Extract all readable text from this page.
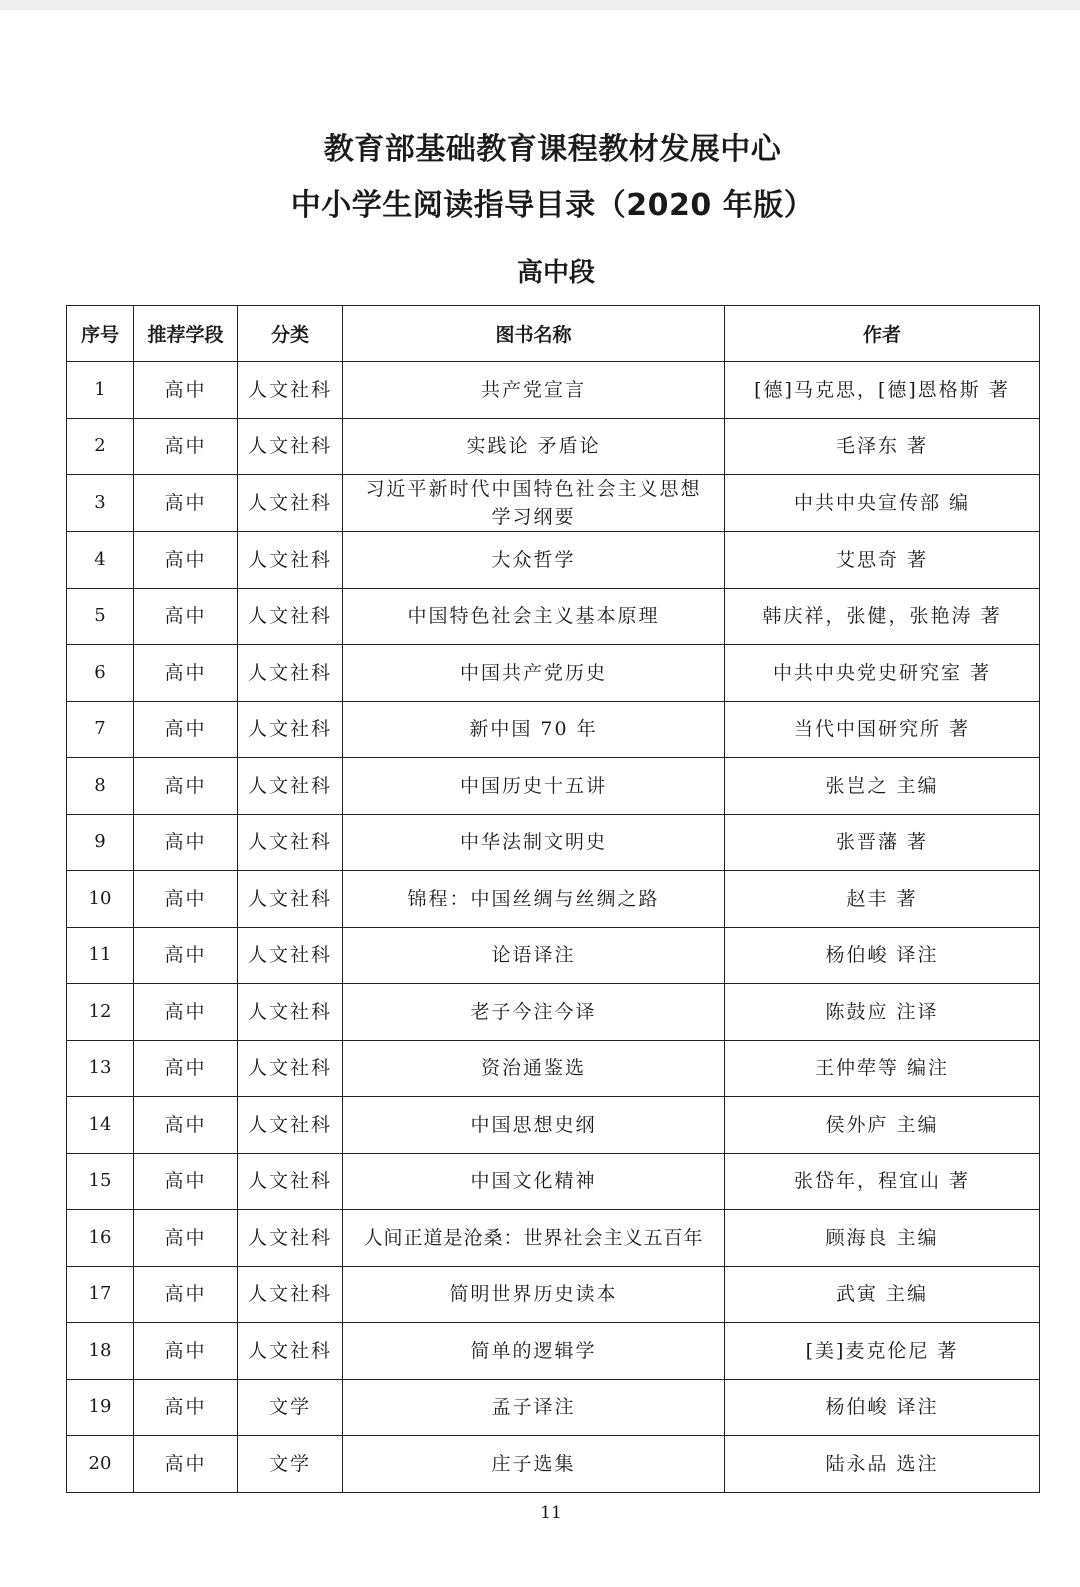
教育部基础教育课程教材发展中心
中小学生阅读指导目录（2020 年版）
高中段
序号	推荐学段	分类	图书名称	作者
1	高中	人文社科	共产党宣言	[德]马克思，[德]恩格斯 著
2	高中	人文社科	实践论 矛盾论	毛泽东 著
3	高中	人文社科	习近平新时代中国特色社会主义思想学习纲要	中共中央宣传部 编
4	高中	人文社科	大众哲学	艾思奇 著
5	高中	人文社科	中国特色社会主义基本原理	韩庆祥，张健，张艳涛 著
6	高中	人文社科	中国共产党历史	中共中央党史研究室 著
7	高中	人文社科	新中国 70 年	当代中国研究所 著
8	高中	人文社科	中国历史十五讲	张岂之 主编
9	高中	人文社科	中华法制文明史	张晋藩 著
10	高中	人文社科	锦程：中国丝绸与丝绸之路	赵丰 著
11	高中	人文社科	论语译注	杨伯峻 译注
12	高中	人文社科	老子今注今译	陈鼓应 注译
13	高中	人文社科	资治通鉴选	王仲荦等 编注
14	高中	人文社科	中国思想史纲	侯外庐 主编
15	高中	人文社科	中国文化精神	张岱年，程宜山 著
16	高中	人文社科	人间正道是沧桑：世界社会主义五百年	顾海良 主编
17	高中	人文社科	简明世界历史读本	武寅 主编
18	高中	人文社科	简单的逻辑学	[美]麦克伦尼 著
19	高中	文学	孟子译注	杨伯峻 译注
20	高中	文学	庄子选集	陆永品 选注

11
